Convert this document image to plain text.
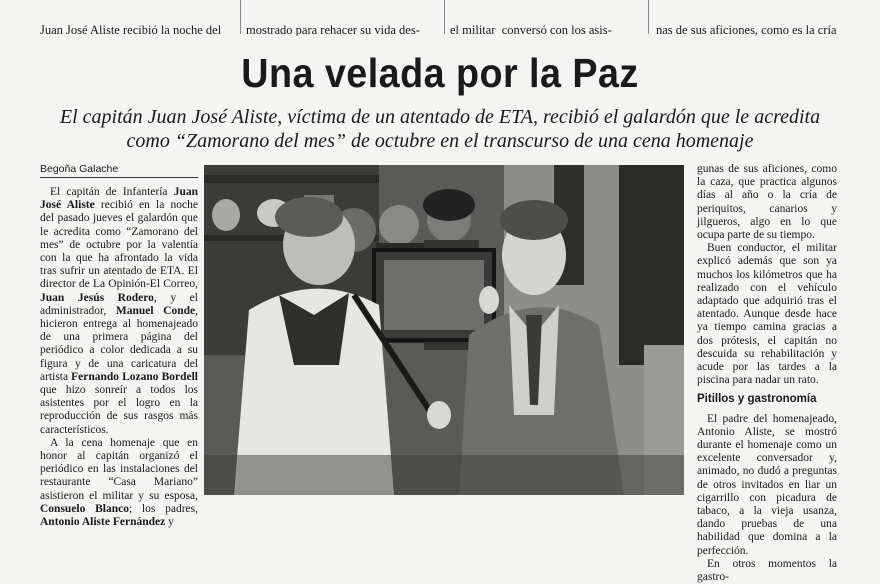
Juan José Aliste recibió la noche del

	mostrado para rehacer su vida des-

	el militar  conversó con los asis-

	nas de sus aficiones, como es la cría

Una velada por la Paz
El capitán Juan José Aliste, víctima de un atentado de ETA, recibió el galardón que le acredita como “Zamorano del mes” de octubre en el transcurso de una cena homenaje
Begoña Galache

El capitán de Infantería Juan José Aliste recibió en la noche del pasado jueves el galardón que le acredita como “Zamorano del mes” de octubre por la valentía con la que ha afrontado la vida tras sufrir un atentado de ETA. El director de La Opinión-El Correo, Juan Jesús Rodero, y el administrador, Manuel Conde, hicieron entrega al homenajeado de una primera página del periódico a color dedicada a su figura y de una caricatura del artista Fernando Lozano Bordell que hizo sonreír a todos los asistentes por el logro en la reproducción de sus rasgos más característicos.

A la cena homenaje que en honor al capitán organizó el periódico en las instalaciones del restaurante “Casa Mariano” asistieron el militar y su esposa, Consuelo Blanco; los padres, Antonio Aliste Fernández y

gunas de sus aficiones, como la caza, que practica algunos días al año o la cría de periquitos, canarios y jilgueros, algo en lo que ocupa parte de su tiempo.

Buen conductor, el militar explicó además que son ya muchos los kilómetros que ha realizado con el vehículo adaptado que adquirió tras el atentado. Aunque desde hace ya tiempo camina gracias a dos prótesis, el capitán no descuida su rehabilitación y acude por las tardes a la piscina para nadar un rato.

Pitillos y gastronomía

El padre del homenajeado, Antonio Aliste, se mostró durante el homenaje como un excelente conversador y, animado, no dudó a preguntas de otros invitados en liar un cigarrillo con picadura de tabaco, a la vieja usanza, dando pruebas de una habilidad que domina a la perfección.

En otros momentos la gastro-
